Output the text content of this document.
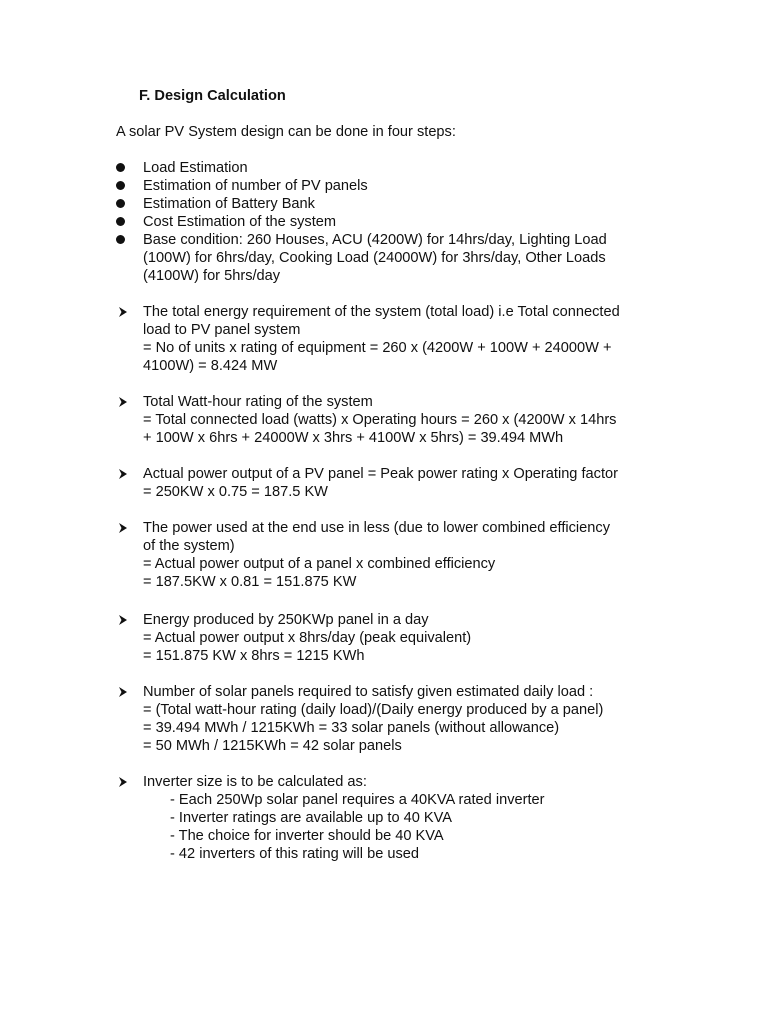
F. Design Calculation
A solar PV System design can be done in four steps:
Load Estimation
Estimation of number of PV panels
Estimation of Battery Bank
Cost Estimation of the system
Base condition: 260 Houses, ACU (4200W) for 14hrs/day, Lighting Load
(100W) for 6hrs/day, Cooking Load (24000W) for 3hrs/day, Other Loads
(4100W) for 5hrs/day
The total energy requirement of the system (total load) i.e Total connected
load to PV panel system
= No of units x rating of equipment = 260 x (4200W + 100W + 24000W +
4100W) = 8.424 MW
Total Watt-hour rating of the system
= Total connected load (watts) x Operating hours = 260 x (4200W x 14hrs
+ 100W x 6hrs + 24000W x 3hrs + 4100W x 5hrs) = 39.494 MWh
Actual power output of a PV panel = Peak power rating x Operating factor
= 250KW x 0.75 = 187.5 KW
The power used at the end use in less (due to lower combined efficiency
of the system)
= Actual power output of a panel x combined efficiency
= 187.5KW x 0.81 = 151.875 KW
Energy produced by 250KWp panel in a day
= Actual power output x 8hrs/day (peak equivalent)
= 151.875 KW x 8hrs = 1215 KWh
Number of solar panels required to satisfy given estimated daily load :
= (Total watt-hour rating (daily load)/(Daily energy produced by a panel)
= 39.494 MWh / 1215KWh = 33 solar panels (without allowance)
= 50 MWh / 1215KWh = 42 solar panels
Inverter size is to be calculated as:
- Each 250Wp solar panel requires a 40KVA rated inverter
- Inverter ratings are available up to 40 KVA
- The choice for inverter should be 40 KVA
- 42 inverters of this rating will be used
